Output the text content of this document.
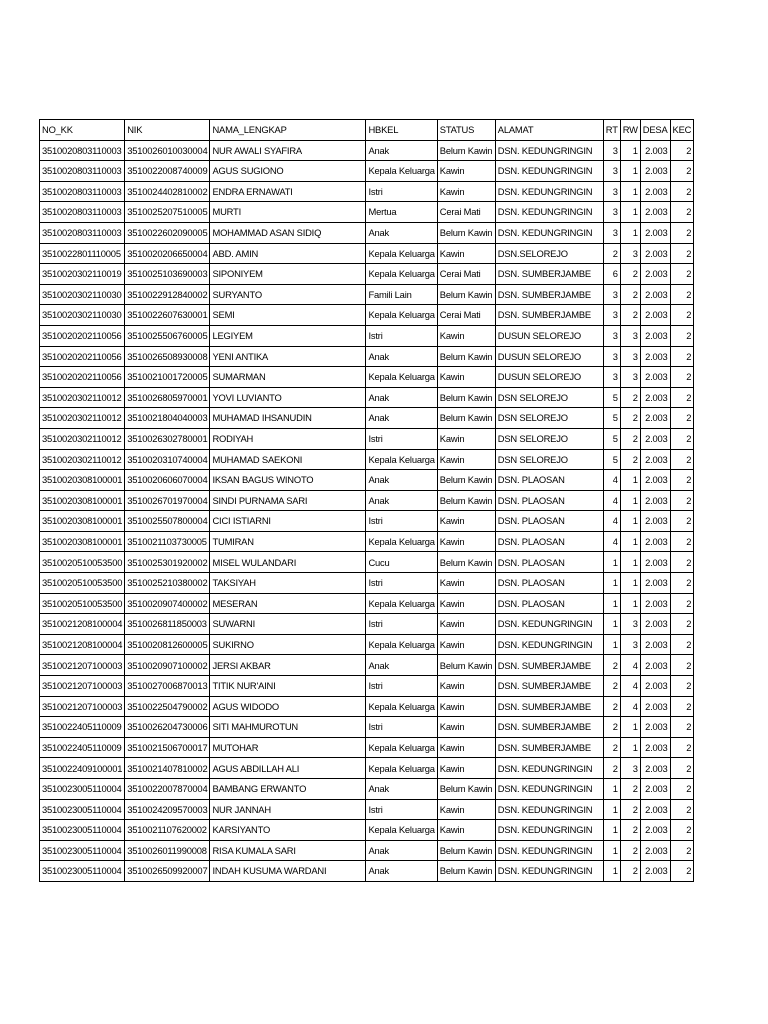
NO_KK	NIK	NAMA_LENGKAP	HBKEL	STATUS	ALAMAT	RT	RW	DESA	KEC
3510020803110003	3510026010030004	NUR AWALI SYAFIRA	Anak	Belum Kawin	DSN. KEDUNGRINGIN	3	1	2.003	2
3510020803110003	3510022008740009	AGUS SUGIONO	Kepala Keluarga	Kawin	DSN. KEDUNGRINGIN	3	1	2.003	2
3510020803110003	3510024402810002	ENDRA ERNAWATI	Istri	Kawin	DSN. KEDUNGRINGIN	3	1	2.003	2
3510020803110003	3510025207510005	MURTI	Mertua	Cerai Mati	DSN. KEDUNGRINGIN	3	1	2.003	2
3510020803110003	3510022602090005	MOHAMMAD ASAN SIDIQ	Anak	Belum Kawin	DSN. KEDUNGRINGIN	3	1	2.003	2
3510022801110005	3510020206650004	ABD. AMIN	Kepala Keluarga	Kawin	DSN.SELOREJO	2	3	2.003	2
3510020302110019	3510025103690003	SIPONIYEM	Kepala Keluarga	Cerai Mati	DSN. SUMBERJAMBE	6	2	2.003	2
3510020302110030	3510022912840002	SURYANTO	Famili Lain	Belum Kawin	DSN. SUMBERJAMBE	3	2	2.003	2
3510020302110030	3510022607630001	SEMI	Kepala Keluarga	Cerai Mati	DSN. SUMBERJAMBE	3	2	2.003	2
3510020202110056	3510025506760005	LEGIYEM	Istri	Kawin	DUSUN SELOREJO	3	3	2.003	2
3510020202110056	3510026508930008	YENI ANTIKA	Anak	Belum Kawin	DUSUN SELOREJO	3	3	2.003	2
3510020202110056	3510021001720005	SUMARMAN	Kepala Keluarga	Kawin	DUSUN SELOREJO	3	3	2.003	2
3510020302110012	3510026805970001	YOVI LUVIANTO	Anak	Belum Kawin	DSN SELOREJO	5	2	2.003	2
3510020302110012	3510021804040003	MUHAMAD IHSANUDIN	Anak	Belum Kawin	DSN SELOREJO	5	2	2.003	2
3510020302110012	3510026302780001	RODIYAH	Istri	Kawin	DSN SELOREJO	5	2	2.003	2
3510020302110012	3510020310740004	MUHAMAD SAEKONI	Kepala Keluarga	Kawin	DSN SELOREJO	5	2	2.003	2
3510020308100001	3510020606070004	IKSAN BAGUS WINOTO	Anak	Belum Kawin	DSN. PLAOSAN	4	1	2.003	2
3510020308100001	3510026701970004	SINDI PURNAMA SARI	Anak	Belum Kawin	DSN. PLAOSAN	4	1	2.003	2
3510020308100001	3510025507800004	CICI ISTIARNI	Istri	Kawin	DSN. PLAOSAN	4	1	2.003	2
3510020308100001	3510021103730005	TUMIRAN	Kepala Keluarga	Kawin	DSN. PLAOSAN	4	1	2.003	2
3510020510053500	3510025301920002	MISEL WULANDARI	Cucu	Belum Kawin	DSN. PLAOSAN	1	1	2.003	2
3510020510053500	3510025210380002	TAKSIYAH	Istri	Kawin	DSN. PLAOSAN	1	1	2.003	2
3510020510053500	3510020907400002	MESERAN	Kepala Keluarga	Kawin	DSN. PLAOSAN	1	1	2.003	2
3510021208100004	3510026811850003	SUWARNI	Istri	Kawin	DSN. KEDUNGRINGIN	1	3	2.003	2
3510021208100004	3510020812600005	SUKIRNO	Kepala Keluarga	Kawin	DSN. KEDUNGRINGIN	1	3	2.003	2
3510021207100003	3510020907100002	JERSI AKBAR	Anak	Belum Kawin	DSN. SUMBERJAMBE	2	4	2.003	2
3510021207100003	3510027006870013	TITIK NUR'AINI	Istri	Kawin	DSN. SUMBERJAMBE	2	4	2.003	2
3510021207100003	3510022504790002	AGUS WIDODO	Kepala Keluarga	Kawin	DSN. SUMBERJAMBE	2	4	2.003	2
3510022405110009	3510026204730006	SITI MAHMUROTUN	Istri	Kawin	DSN. SUMBERJAMBE	2	1	2.003	2
3510022405110009	3510021506700017	MUTOHAR	Kepala Keluarga	Kawin	DSN. SUMBERJAMBE	2	1	2.003	2
3510022409100001	3510021407810002	AGUS ABDILLAH ALI	Kepala Keluarga	Kawin	DSN. KEDUNGRINGIN	2	3	2.003	2
3510023005110004	3510022007870004	BAMBANG ERWANTO	Anak	Belum Kawin	DSN. KEDUNGRINGIN	1	2	2.003	2
3510023005110004	3510024209570003	NUR JANNAH	Istri	Kawin	DSN. KEDUNGRINGIN	1	2	2.003	2
3510023005110004	3510021107620002	KARSIYANTO	Kepala Keluarga	Kawin	DSN. KEDUNGRINGIN	1	2	2.003	2
3510023005110004	3510026011990008	RISA KUMALA SARI	Anak	Belum Kawin	DSN. KEDUNGRINGIN	1	2	2.003	2
3510023005110004	3510026509920007	INDAH KUSUMA WARDANI	Anak	Belum Kawin	DSN. KEDUNGRINGIN	1	2	2.003	2
